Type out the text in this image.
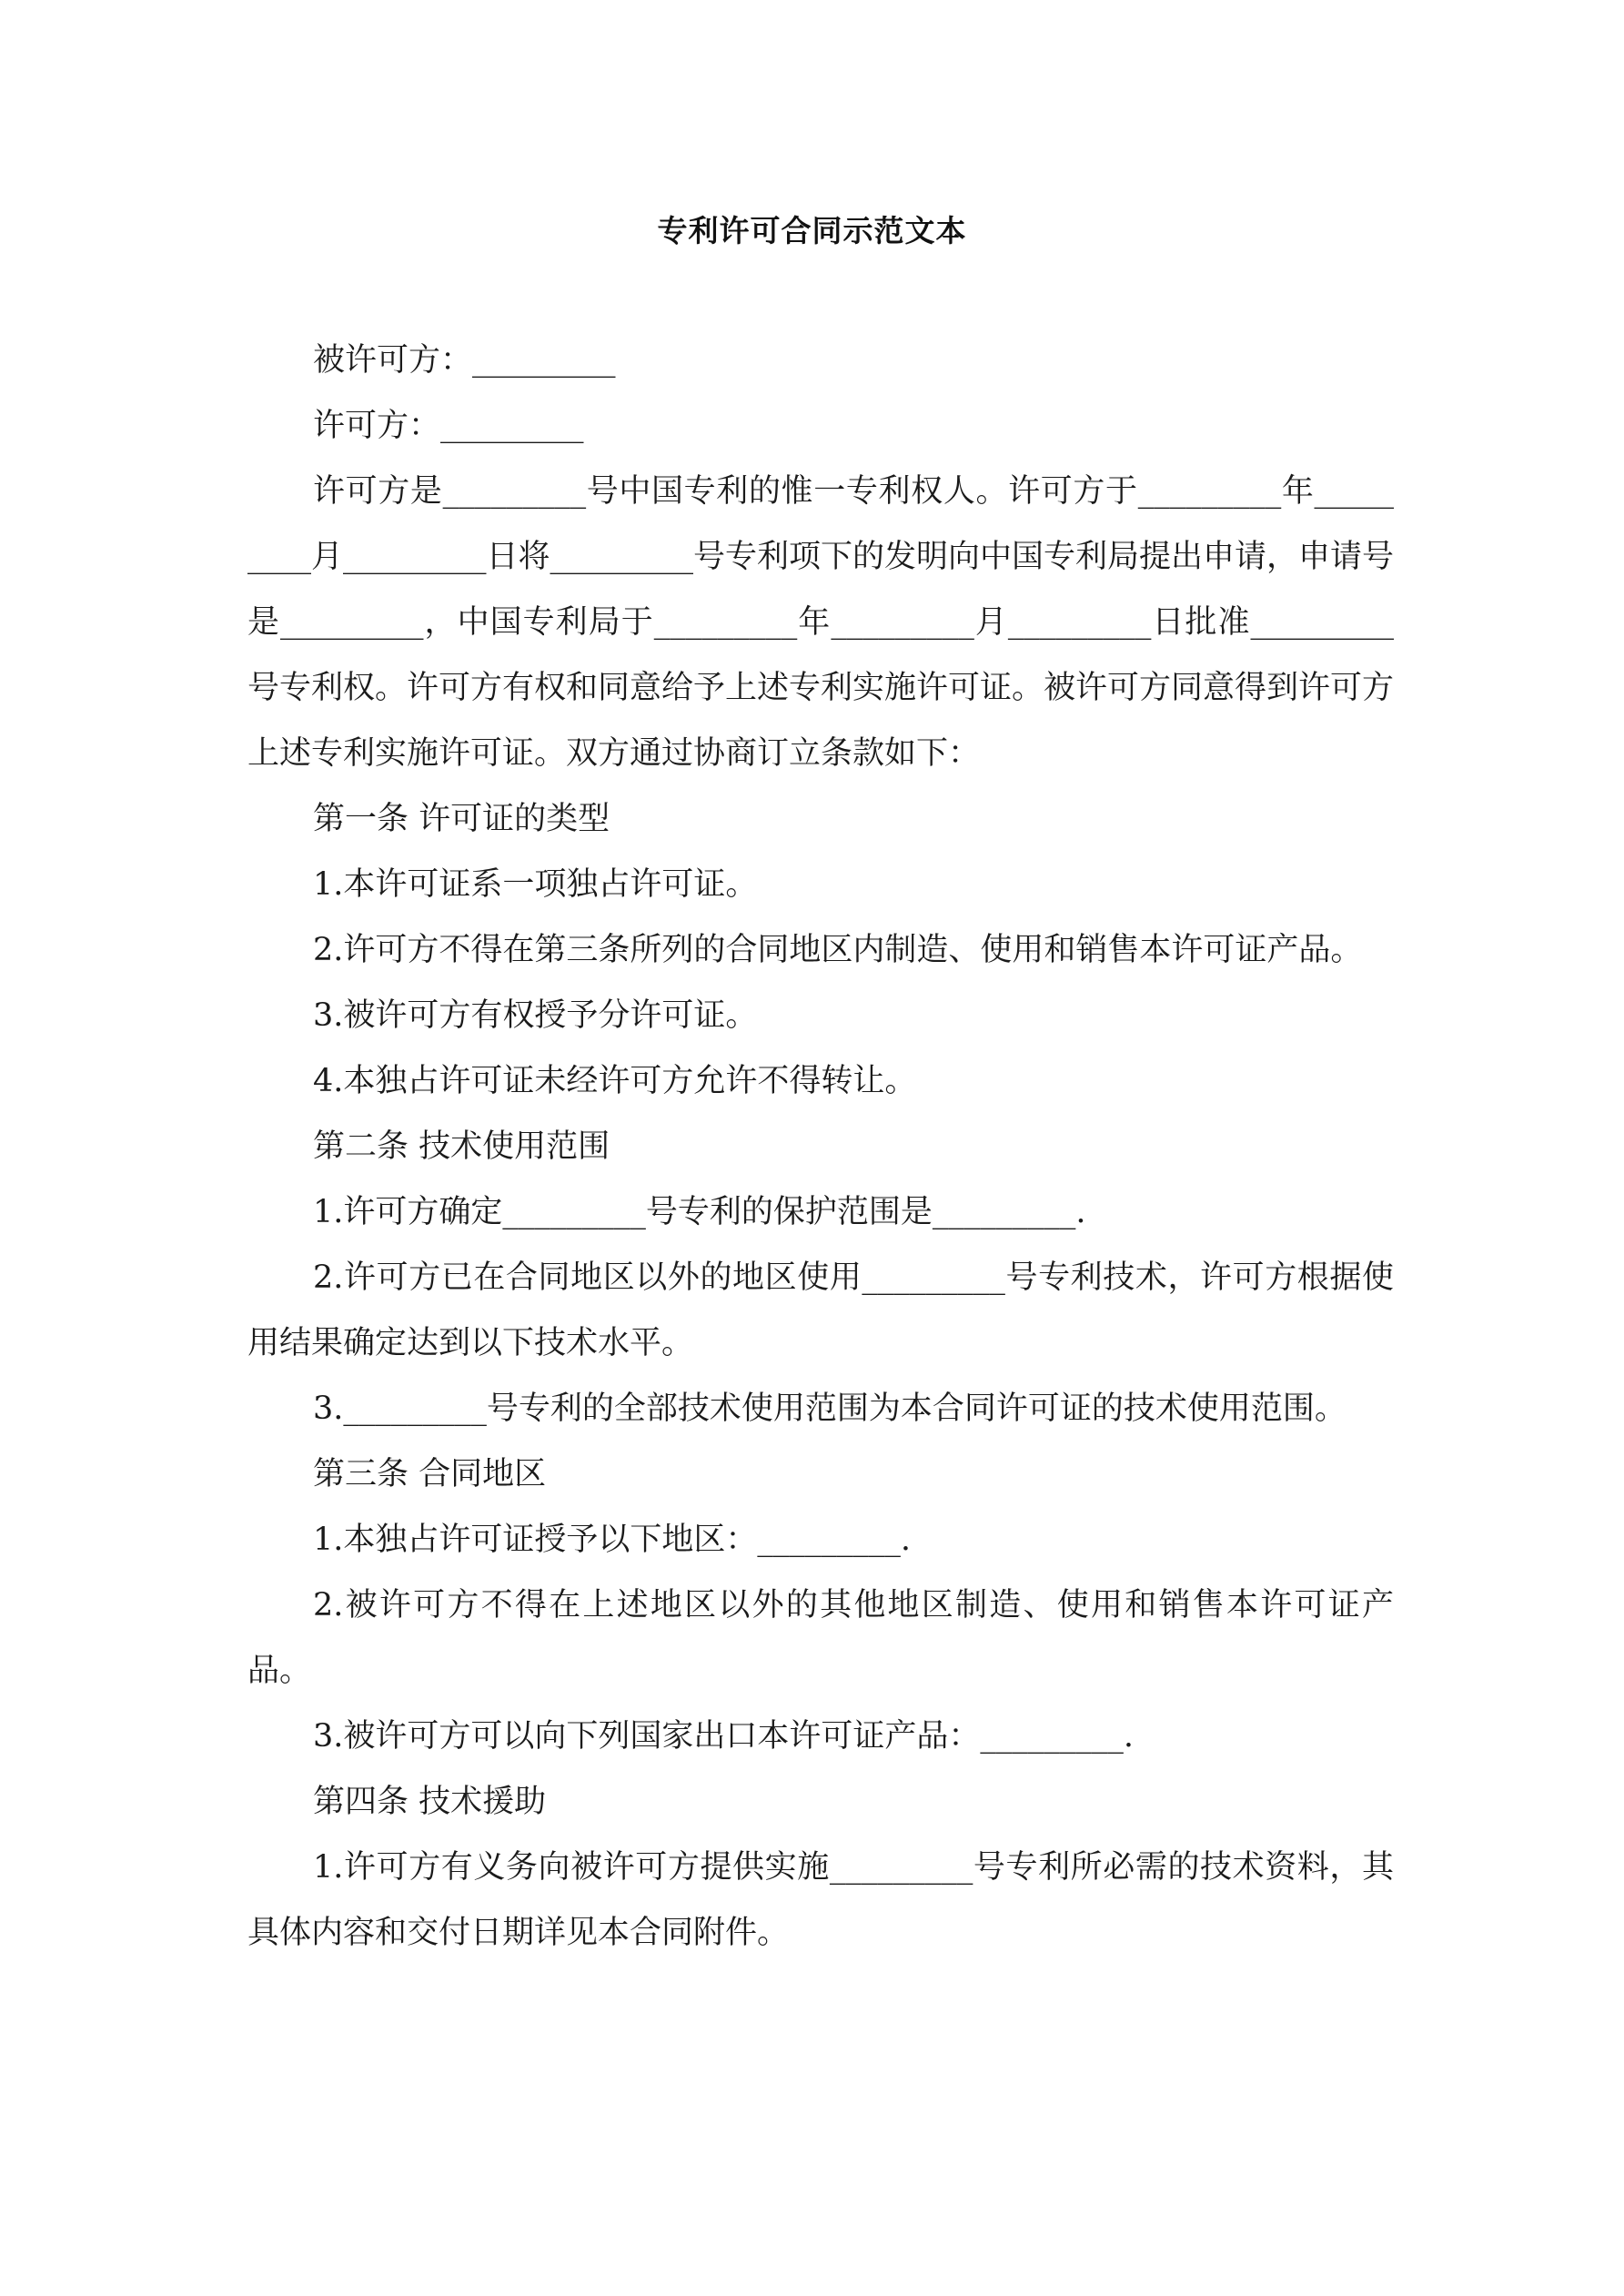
专利许可合同示范文本

被许可方：_________

许可方：_________

许可方是_________号中国专利的惟一专利权人。许可方于_________年_________月_________日将_________号专利项下的发明向中国专利局提出申请，申请号是_________，中国专利局于_________年_________月_________日批准_________号专利权。许可方有权和同意给予上述专利实施许可证。被许可方同意得到许可方上述专利实施许可证。双方通过协商订立条款如下：

第一条 许可证的类型

1.本许可证系一项独占许可证。

2.许可方不得在第三条所列的合同地区内制造、使用和销售本许可证产品。

3.被许可方有权授予分许可证。

4.本独占许可证未经许可方允许不得转让。

第二条 技术使用范围

1.许可方确定_________号专利的保护范围是_________.

2.许可方已在合同地区以外的地区使用_________号专利技术，许可方根据使用结果确定达到以下技术水平。

3._________号专利的全部技术使用范围为本合同许可证的技术使用范围。

第三条 合同地区

1.本独占许可证授予以下地区：_________.

2.被许可方不得在上述地区以外的其他地区制造、使用和销售本许可证产品。

3.被许可方可以向下列国家出口本许可证产品：_________.

第四条 技术援助

1.许可方有义务向被许可方提供实施_________号专利所必需的技术资料，其具体内容和交付日期详见本合同附件。
